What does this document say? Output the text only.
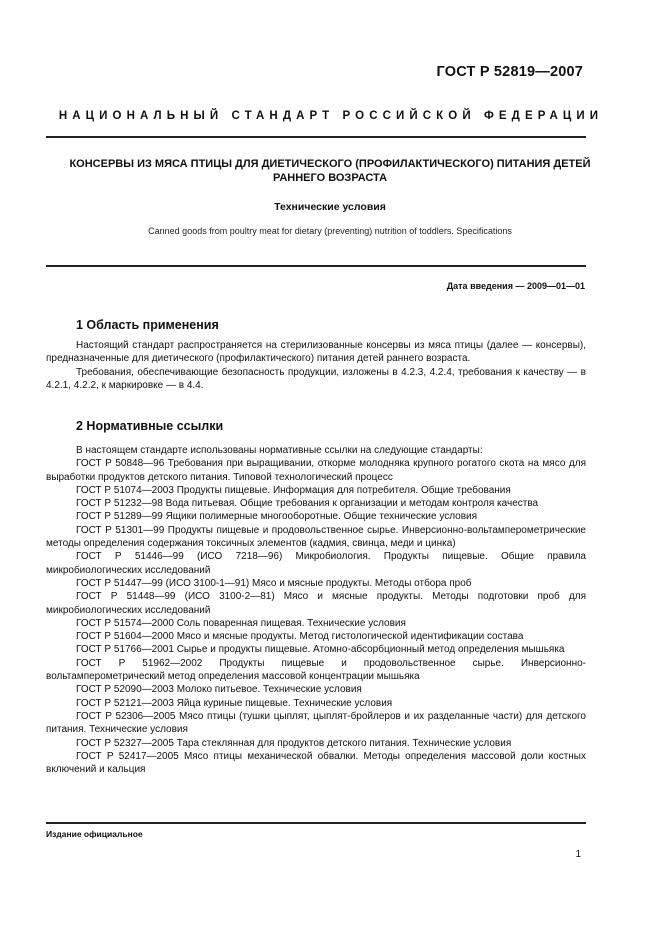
ГОСТ Р 52819—2007
НАЦИОНАЛЬНЫЙ СТАНДАРТ РОССИЙСКОЙ ФЕДЕРАЦИИ
КОНСЕРВЫ ИЗ МЯСА ПТИЦЫ ДЛЯ ДИЕТИЧЕСКОГО (ПРОФИЛАКТИЧЕСКОГО) ПИТАНИЯ ДЕТЕЙ
РАННЕГО ВОЗРАСТА
Технические условия
Canned goods from poultry meat for dietary (preventing) nutrition of toddlers. Specifications
Дата введения — 2009—01—01
1 Область применения

Настоящий стандарт распространяется на стерилизованные консервы из мяса птицы (далее — консервы), предназначенные для диетического (профилактического) питания детей раннего возраста.

Требования, обеспечивающие безопасность продукции, изложены в 4.2.3, 4.2.4, требования к качеству — в 4.2.1, 4.2.2, к маркировке — в 4.4.

2 Нормативные ссылки

В настоящем стандарте использованы нормативные ссылки на следующие стандарты:

ГОСТ Р 50848—96 Требования при выращивании, откорме молодняка крупного рогатого скота на мясо для выработки продуктов детского питания. Типовой технологический процесс

ГОСТ Р 51074—2003 Продукты пищевые. Информация для потребителя. Общие требования

ГОСТ Р 51232—98 Вода питьевая. Общие требования к организации и методам контроля качества

ГОСТ Р 51289—99 Ящики полимерные многооборотные. Общие технические условия

ГОСТ Р 51301—99 Продукты пищевые и продовольственное сырье. Инверсионно-вольтамперометрические методы определения содержания токсичных элементов (кадмия, свинца, меди и цинка)

ГОСТ Р 51446—99 (ИСО 7218—96) Микробиология. Продукты пищевые. Общие правила микробиологических исследований

ГОСТ Р 51447—99 (ИСО 3100-1—91) Мясо и мясные продукты. Методы отбора проб

ГОСТ Р 51448—99 (ИСО 3100-2—81) Мясо и мясные продукты. Методы подготовки проб для микробиологических исследований

ГОСТ Р 51574—2000 Соль поваренная пищевая. Технические условия

ГОСТ Р 51604—2000 Мясо и мясные продукты. Метод гистологической идентификации состава

ГОСТ Р 51766—2001 Сырье и продукты пищевые. Атомно-абсорбционный метод определения мышьяка

ГОСТ Р 51962—2002 Продукты пищевые и продовольственное сырье. Инверсионно-вольтамперометрический метод определения массовой концентрации мышьяка

ГОСТ Р 52090—2003 Молоко питьевое. Технические условия

ГОСТ Р 52121—2003 Яйца куриные пищевые. Технические условия

ГОСТ Р 52306—2005 Мясо птицы (тушки цыплят, цыплят-бройлеров и их разделанные части) для детского питания. Технические условия

ГОСТ Р 52327—2005 Тара стеклянная для продуктов детского питания. Технические условия

ГОСТ Р 52417—2005 Мясо птицы механической обвалки. Методы определения массовой доли костных включений и кальция

Издание официальное
1
